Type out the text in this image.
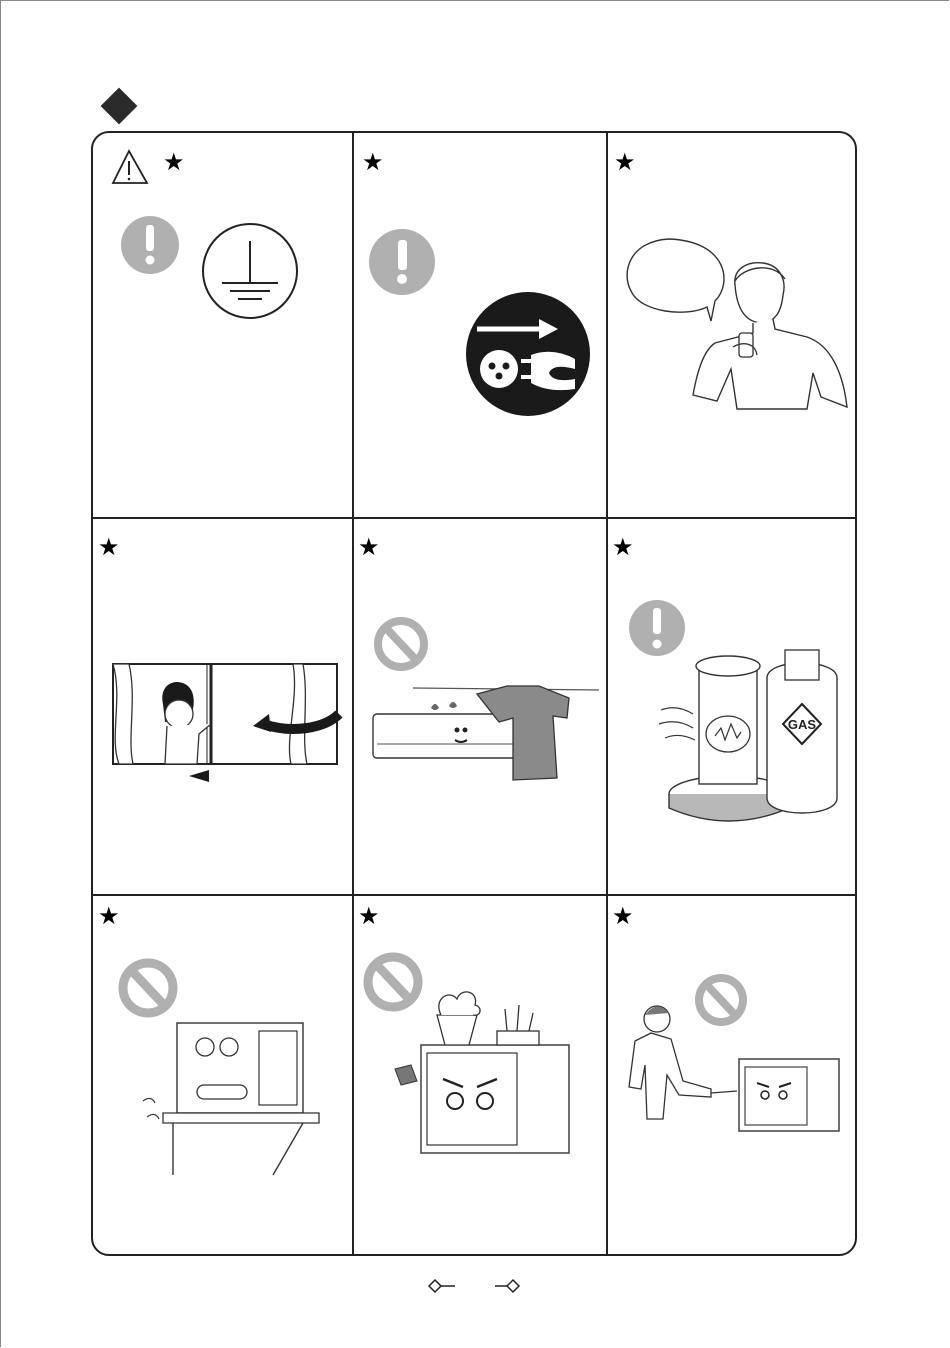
★	★	★
★	★	★
GAS
★	★	★
